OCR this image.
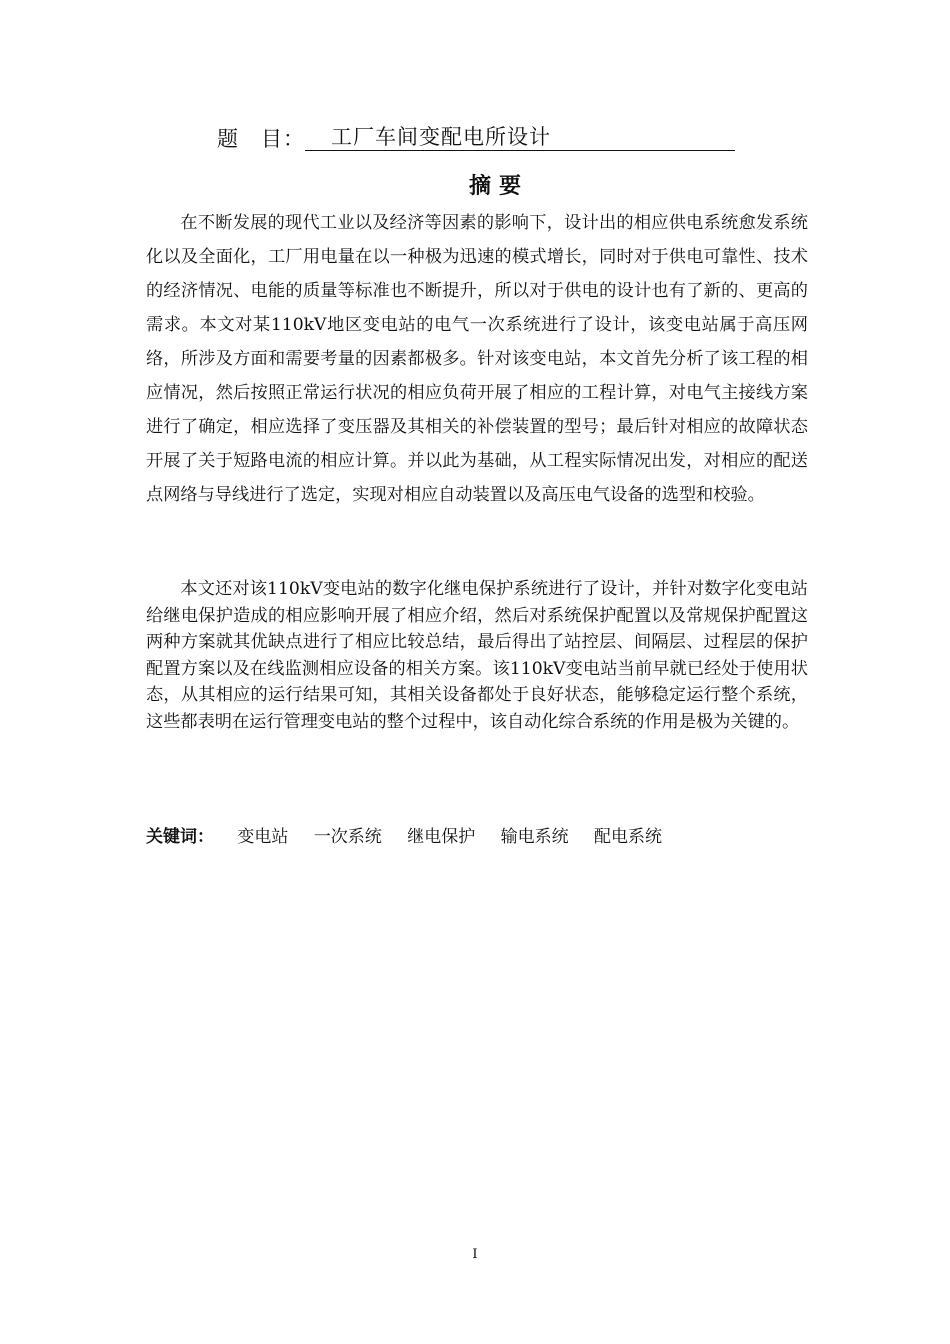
题　目： 工厂车间变配电所设计
摘要

在不断发展的现代工业以及经济等因素的影响下，设计出的相应供电系统愈发系统化以及全面化，工厂用电量在以一种极为迅速的模式增长，同时对于供电可靠性、技术的经济情况、电能的质量等标准也不断提升，所以对于供电的设计也有了新的、更高的需求。本文对某110kV地区变电站的电气一次系统进行了设计，该变电站属于高压网络，所涉及方面和需要考量的因素都极多。针对该变电站，本文首先分析了该工程的相应情况，然后按照正常运行状况的相应负荷开展了相应的工程计算，对电气主接线方案进行了确定，相应选择了变压器及其相关的补偿装置的型号；最后针对相应的故障状态开展了关于短路电流的相应计算。并以此为基础，从工程实际情况出发，对相应的配送点网络与导线进行了选定，实现对相应自动装置以及高压电气设备的选型和校验。

本文还对该110kV变电站的数字化继电保护系统进行了设计，并针对数字化变电站给继电保护造成的相应影响开展了相应介绍，然后对系统保护配置以及常规保护配置这两种方案就其优缺点进行了相应比较总结，最后得出了站控层、间隔层、过程层的保护配置方案以及在线监测相应设备的相关方案。该110kV变电站当前早就已经处于使用状态，从其相应的运行结果可知，其相关设备都处于良好状态，能够稳定运行整个系统，这些都表明在运行管理变电站的整个过程中，该自动化综合系统的作用是极为关键的。

关键词： 变电站 一次系统 继电保护 输电系统 配电系统
I
